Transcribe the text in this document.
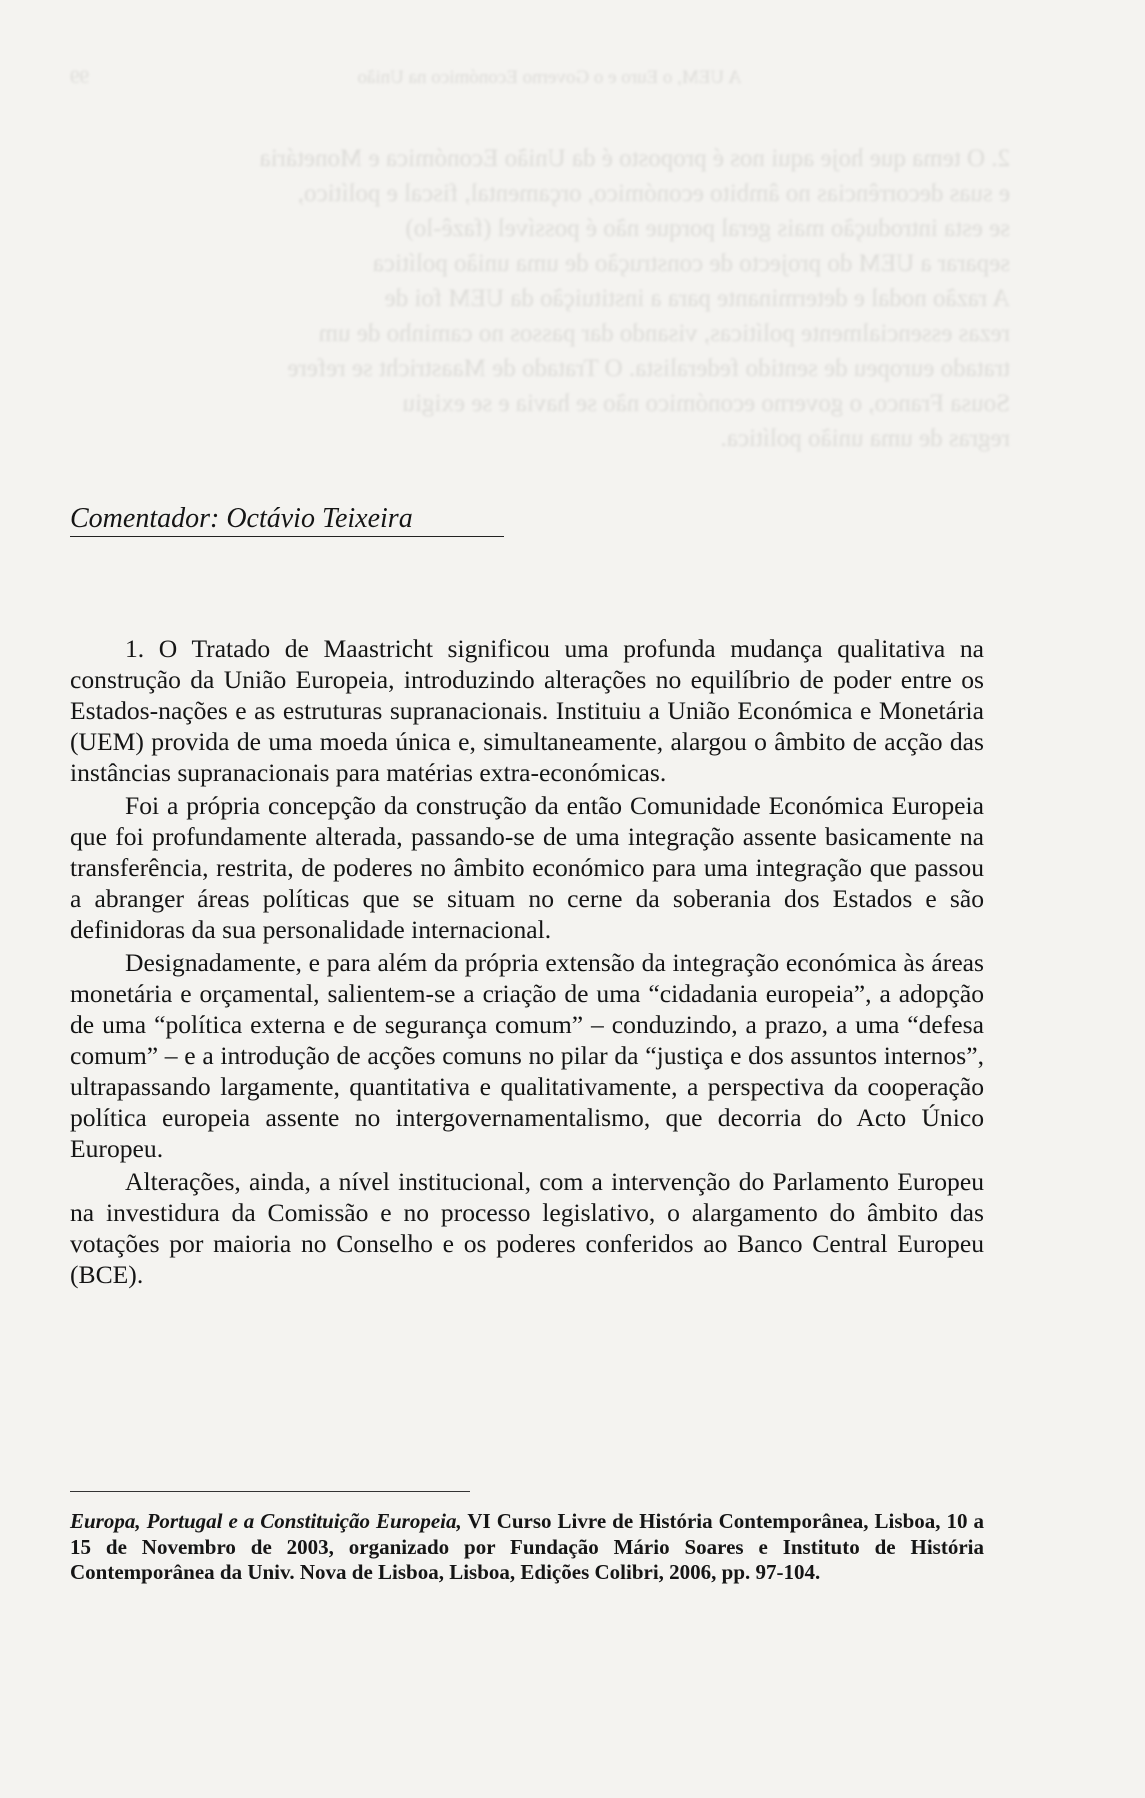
A UEM, o Euro e o Governo Económico na União
99
2. O tema que hoje aqui nos é proposto é da União Económica e Monetária
e suas decorrências no âmbito económico, orçamental, fiscal e político,
se esta introdução mais geral porque não é possível (fazê-lo)
separar a UEM do projecto de construção de uma união política
A razão nodal e determinante para a instituição da UEM foi de
rezas essencialmente políticas, visando dar passos no caminho de um
tratado europeu de sentido federalista. O Tratado de Maastricht se refere
Sousa Franco, o governo económico não se havia e se exigiu
regras de uma união política.
Comentador: Octávio Teixeira

1. O Tratado de Maastricht significou uma profunda mudança qualitativa na construção da União Europeia, introduzindo alterações no equilíbrio de poder entre os Estados-nações e as estruturas supranacionais. Instituiu a União Económica e Monetária (UEM) provida de uma moeda única e, simultaneamente, alargou o âmbito de acção das instâncias supranacionais para matérias extra-económicas.

Foi a própria concepção da construção da então Comunidade Económica Europeia que foi profundamente alterada, passando-se de uma integração assente basicamente na transferência, restrita, de poderes no âmbito económico para uma integração que passou a abranger áreas políticas que se situam no cerne da soberania dos Estados e são definidoras da sua personalidade internacional.

Designadamente, e para além da própria extensão da integração económica às áreas monetária e orçamental, salientem-se a criação de uma “cidadania europeia”, a adopção de uma “política externa e de segurança comum” – conduzindo, a prazo, a uma “defesa comum” – e a introdução de acções comuns no pilar da “justiça e dos assuntos internos”, ultrapassando largamente, quantitativa e qualitativamente, a perspectiva da cooperação política europeia assente no intergovernamentalismo, que decorria do Acto Único Europeu.

Alterações, ainda, a nível institucional, com a intervenção do Parlamento Europeu na investidura da Comissão e no processo legislativo, o alargamento do âmbito das votações por maioria no Conselho e os poderes conferidos ao Banco Central Europeu (BCE).

Europa, Portugal e a Constituição Europeia, VI Curso Livre de História Contemporânea, Lisboa, 10 a 15 de Novembro de 2003, organizado por Fundação Mário Soares e Instituto de História Contemporânea da Univ. Nova de Lisboa, Lisboa, Edições Colibri, 2006, pp. 97-104.
